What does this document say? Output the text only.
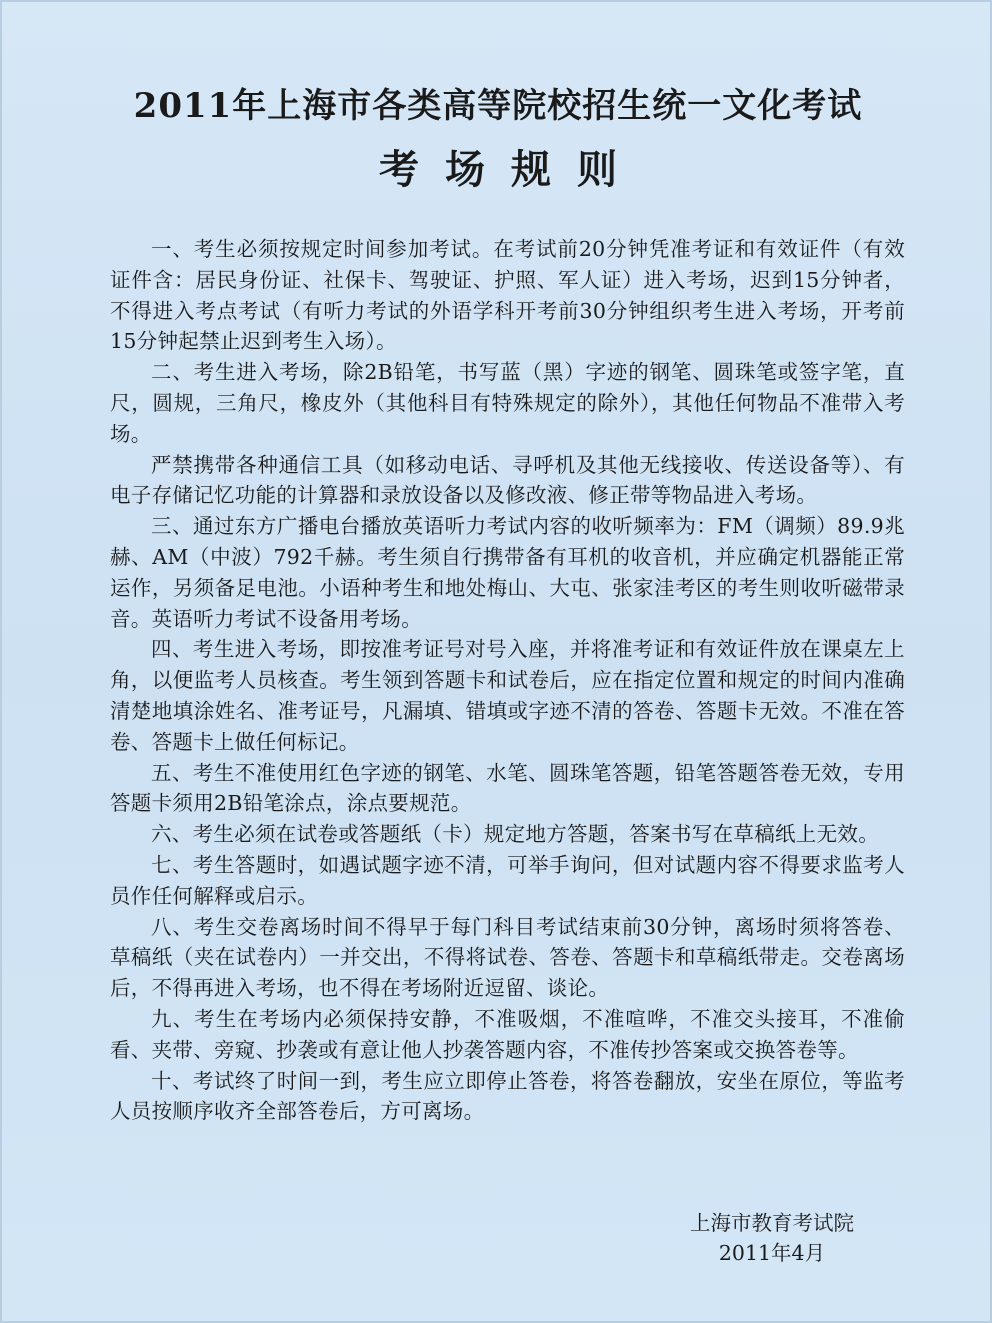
2011年上海市各类高等院校招生统一文化考试
考场规则

一、考生必须按规定时间参加考试。在考试前20分钟凭准考证和有效证件（有效证件含：居民身份证、社保卡、驾驶证、护照、军人证）进入考场，迟到15分钟者，不得进入考点考试（有听力考试的外语学科开考前30分钟组织考生进入考场，开考前15分钟起禁止迟到考生入场）。

二、考生进入考场，除2B铅笔，书写蓝（黑）字迹的钢笔、圆珠笔或签字笔，直尺，圆规，三角尺，橡皮外（其他科目有特殊规定的除外），其他任何物品不准带入考场。

严禁携带各种通信工具（如移动电话、寻呼机及其他无线接收、传送设备等）、有电子存储记忆功能的计算器和录放设备以及修改液、修正带等物品进入考场。

三、通过东方广播电台播放英语听力考试内容的收听频率为：FM（调频）89.9兆赫、AM（中波）792千赫。考生须自行携带备有耳机的收音机，并应确定机器能正常运作，另须备足电池。小语种考生和地处梅山、大屯、张家洼考区的考生则收听磁带录音。英语听力考试不设备用考场。

四、考生进入考场，即按准考证号对号入座，并将准考证和有效证件放在课桌左上角，以便监考人员核查。考生领到答题卡和试卷后，应在指定位置和规定的时间内准确清楚地填涂姓名、准考证号，凡漏填、错填或字迹不清的答卷、答题卡无效。不准在答卷、答题卡上做任何标记。

五、考生不准使用红色字迹的钢笔、水笔、圆珠笔答题，铅笔答题答卷无效，专用答题卡须用2B铅笔涂点，涂点要规范。

六、考生必须在试卷或答题纸（卡）规定地方答题，答案书写在草稿纸上无效。

七、考生答题时，如遇试题字迹不清，可举手询问，但对试题内容不得要求监考人员作任何解释或启示。

八、考生交卷离场时间不得早于每门科目考试结束前30分钟，离场时须将答卷、草稿纸（夹在试卷内）一并交出，不得将试卷、答卷、答题卡和草稿纸带走。交卷离场后，不得再进入考场，也不得在考场附近逗留、谈论。

九、考生在考场内必须保持安静，不准吸烟，不准喧哗，不准交头接耳，不准偷看、夹带、旁窥、抄袭或有意让他人抄袭答题内容，不准传抄答案或交换答卷等。

十、考试终了时间一到，考生应立即停止答卷，将答卷翻放，安坐在原位，等监考人员按顺序收齐全部答卷后，方可离场。

上海市教育考试院
2011年4月
